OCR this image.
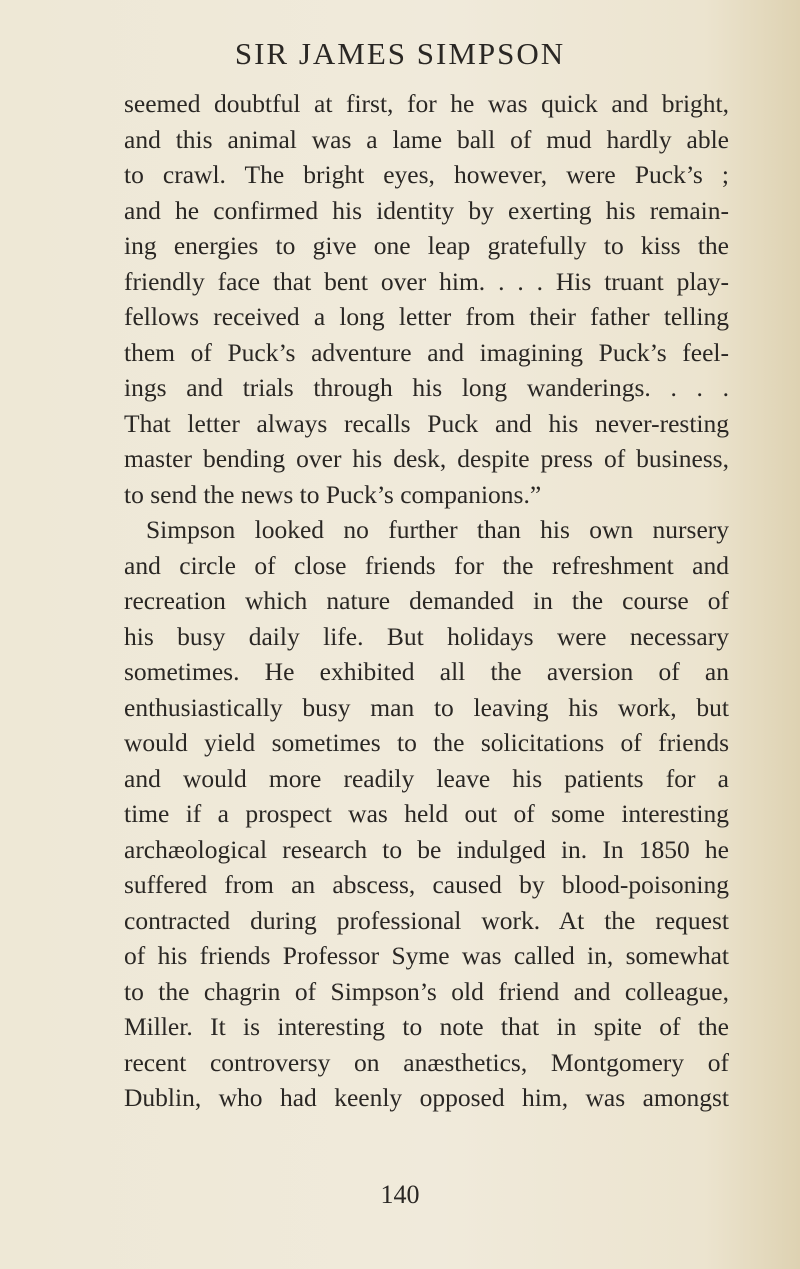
SIR JAMES SIMPSON
seemed doubtful at first, for he was quick and bright,
and this animal was a lame ball of mud hardly able
to crawl. The bright eyes, however, were Puck’s ;
and he confirmed his identity by exerting his remain-
ing energies to give one leap gratefully to kiss the
friendly face that bent over him. . . . His truant play-
fellows received a long letter from their father telling
them of Puck’s adventure and imagining Puck’s feel-
ings and trials through his long wanderings. . . .
That letter always recalls Puck and his never-resting
master bending over his desk, despite press of business,
to send the news to Puck’s companions.”
Simpson looked no further than his own nursery
and circle of close friends for the refreshment and
recreation which nature demanded in the course of
his busy daily life. But holidays were necessary
sometimes. He exhibited all the aversion of an
enthusiastically busy man to leaving his work, but
would yield sometimes to the solicitations of friends
and would more readily leave his patients for a
time if a prospect was held out of some interesting
archæological research to be indulged in. In 1850 he
suffered from an abscess, caused by blood-poisoning
contracted during professional work. At the request
of his friends Professor Syme was called in, somewhat
to the chagrin of Simpson’s old friend and colleague,
Miller. It is interesting to note that in spite of the
recent controversy on anæsthetics, Montgomery of
Dublin, who had keenly opposed him, was amongst
140
